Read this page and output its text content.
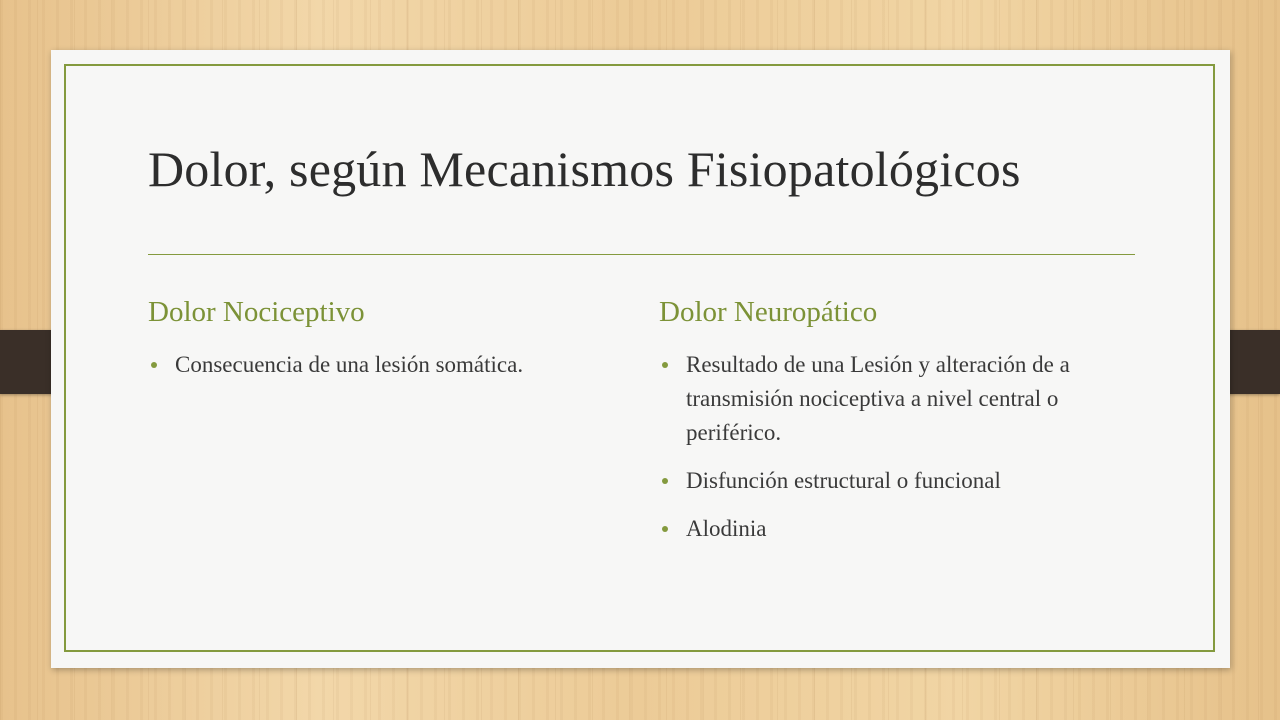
Dolor, según Mecanismos Fisiopatológicos
Dolor Nociceptivo
Consecuencia de una lesión somática.
Dolor Neuropático
Resultado de una Lesión y alteración de a transmisión nociceptiva a nivel central o periférico.
Disfunción estructural o funcional
Alodinia
